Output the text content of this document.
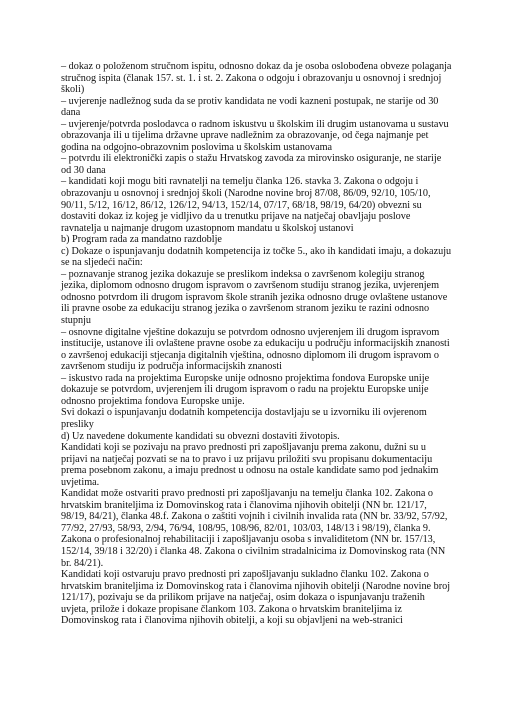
– dokaz o položenom stručnom ispitu, odnosno dokaz da je osoba oslobođena obveze polaganja stručnog ispita (članak 157. st. 1. i st. 2. Zakona o odgoju i obrazovanju u osnovnoj i srednjoj školi)

– uvjerenje nadležnog suda da se protiv kandidata ne vodi kazneni postupak, ne starije od 30 dana

– uvjerenje/potvrda poslodavca o radnom iskustvu u školskim ili drugim ustanovama u sustavu obrazovanja ili u tijelima državne uprave nadležnim za obrazovanje, od čega najmanje pet godina na odgojno-obrazovnim poslovima u školskim ustanovama

– potvrdu ili elektronički zapis o stažu Hrvatskog zavoda za mirovinsko osiguranje, ne starije od 30 dana

– kandidati koji mogu biti ravnatelji na temelju članka 126. stavka 3. Zakona o odgoju i obrazovanju u osnovnoj i srednjoj školi (Narodne novine broj 87/08, 86/09, 92/10, 105/10, 90/11, 5/12, 16/12, 86/12, 126/12, 94/13, 152/14, 07/17, 68/18, 98/19, 64/20) obvezni su dostaviti dokaz iz kojeg je vidljivo da u trenutku prijave na natječaj obavljaju poslove ravnatelja u najmanje drugom uzastopnom mandatu u školskoj ustanovi

b) Program rada za mandatno razdoblje

c) Dokaze o ispunjavanju dodatnih kompetencija iz točke 5., ako ih kandidati imaju, a dokazuju se na sljedeći način:

– poznavanje stranog jezika dokazuje se preslikom indeksa o završenom kolegiju stranog jezika, diplomom odnosno drugom ispravom o završenom studiju stranog jezika, uvjerenjem odnosno potvrdom ili drugom ispravom škole stranih jezika odnosno druge ovlaštene ustanove ili pravne osobe za edukaciju stranog jezika o završenom stranom jeziku te razini odnosno stupnju

– osnovne digitalne vještine dokazuju se potvrdom odnosno uvjerenjem ili drugom ispravom institucije, ustanove ili ovlaštene pravne osobe za edukaciju u području informacijskih znanosti o završenoj edukaciji stjecanja digitalnih vještina, odnosno diplomom ili drugom ispravom o završenom studiju iz područja informacijskih znanosti

– iskustvo rada na projektima Europske unije odnosno projektima fondova Europske unije dokazuje se potvrdom, uvjerenjem ili drugom ispravom o radu na projektu Europske unije odnosno projektima fondova Europske unije.

Svi dokazi o ispunjavanju dodatnih kompetencija dostavljaju se u izvorniku ili ovjerenom preslikу

d) Uz navedene dokumente kandidati su obvezni dostaviti životopis.

Kandidati koji se pozivaju na pravo prednosti pri zapošljavanju prema zakonu, dužni su u prijavi na natječaj pozvati se na to pravo i uz prijavu priložiti svu propisanu dokumentaciju prema posebnom zakonu, a imaju prednost u odnosu na ostale kandidate samo pod jednakim uvjetima.

Kandidat može ostvariti pravo prednosti pri zapošljavanju na temelju članka 102. Zakona o hrvatskim braniteljima iz Domovinskog rata i članovima njihovih obitelji (NN br. 121/17, 98/19, 84/21), članka 48.f. Zakona o zaštiti vojnih i civilnih invalida rata (NN br. 33/92, 57/92, 77/92, 27/93, 58/93, 2/94, 76/94, 108/95, 108/96, 82/01, 103/03, 148/13 i 98/19), članka 9. Zakona o profesionalnoj rehabilitaciji i zapošljavanju osoba s invaliditetom (NN br. 157/13, 152/14, 39/18 i 32/20) i članka 48. Zakona o civilnim stradalnicima iz Domovinskog rata (NN br. 84/21).

Kandidati koji ostvaruju pravo prednosti pri zapošljavanju sukladno članku 102. Zakona o hrvatskim braniteljima iz Domovinskog rata i članovima njihovih obitelji (Narodne novine broj 121/17), pozivaju se da prilikom prijave na natječaj, osim dokaza o ispunjavanju traženih uvjeta, prilože i dokaze propisane člankom 103. Zakona o hrvatskim braniteljima iz Domovinskog rata i članovima njihovih obitelji, a koji su objavljeni na web-stranici
